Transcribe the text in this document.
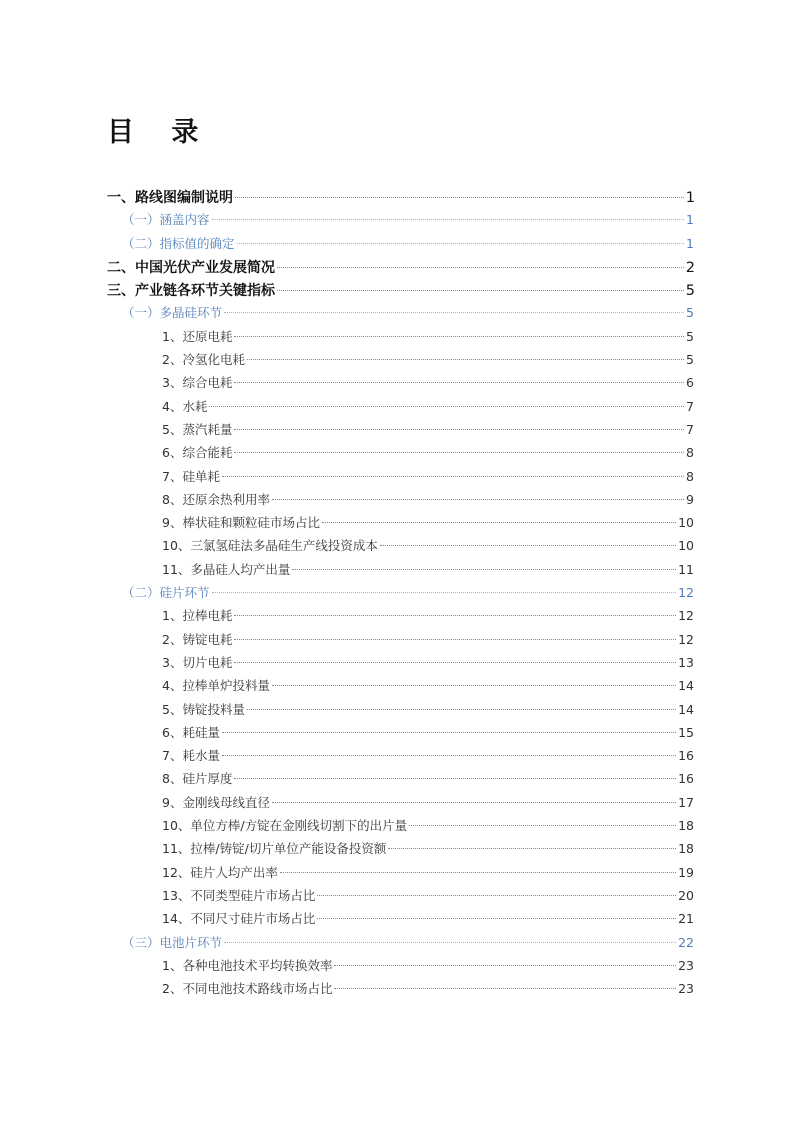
目 录
一、路线图编制说明	1
（一）涵盖内容	1
（二）指标值的确定	1
二、中国光伏产业发展简况	2
三、产业链各环节关键指标	5
（一）多晶硅环节	5
1、还原电耗	5
2、冷氢化电耗	5
3、综合电耗	6
4、水耗	7
5、蒸汽耗量	7
6、综合能耗	8
7、硅单耗	8
8、还原余热利用率	9
9、棒状硅和颗粒硅市场占比	10
10、三氯氢硅法多晶硅生产线投资成本	10
11、多晶硅人均产出量	11
（二）硅片环节	12
1、拉棒电耗	12
2、铸锭电耗	12
3、切片电耗	13
4、拉棒单炉投料量	14
5、铸锭投料量	14
6、耗硅量	15
7、耗水量	16
8、硅片厚度	16
9、金刚线母线直径	17
10、单位方棒/方锭在金刚线切割下的出片量	18
11、拉棒/铸锭/切片单位产能设备投资额	18
12、硅片人均产出率	19
13、不同类型硅片市场占比	20
14、不同尺寸硅片市场占比	21
（三）电池片环节	22
1、各种电池技术平均转换效率	23
2、不同电池技术路线市场占比	23
